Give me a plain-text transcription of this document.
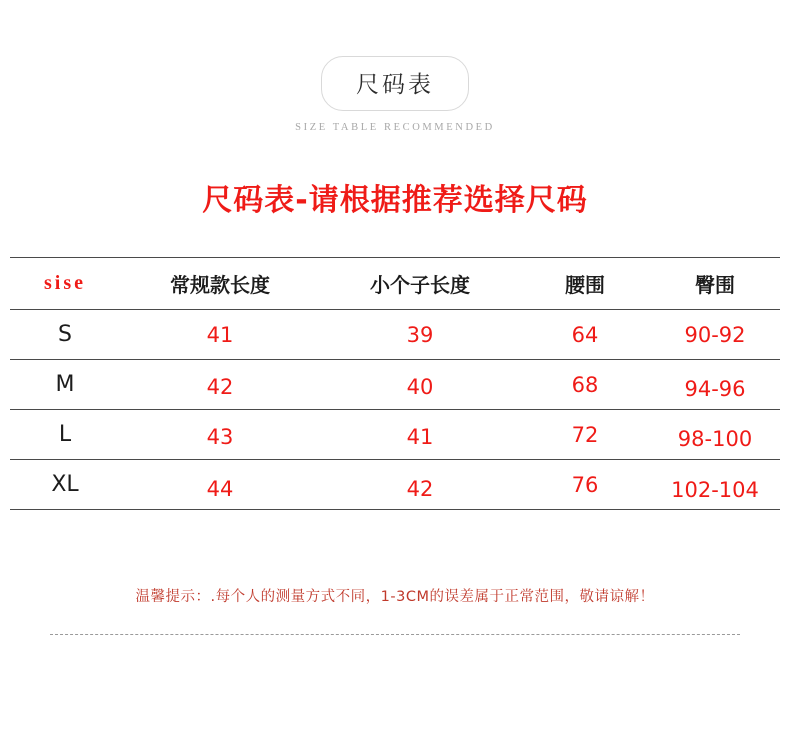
尺码表
SIZE TABLE RECOMMENDED
尺码表-请根据推荐选择尺码
sise	常规款长度	小个子长度	腰围	臀围
S	41	39	64	90-92
M	42	40	68	94-96
L	43	41	72	98-100
XL	44	42	76	102-104
温馨提示：.每个人的测量方式不同，1-3CM的误差属于正常范围，敬请谅解！
